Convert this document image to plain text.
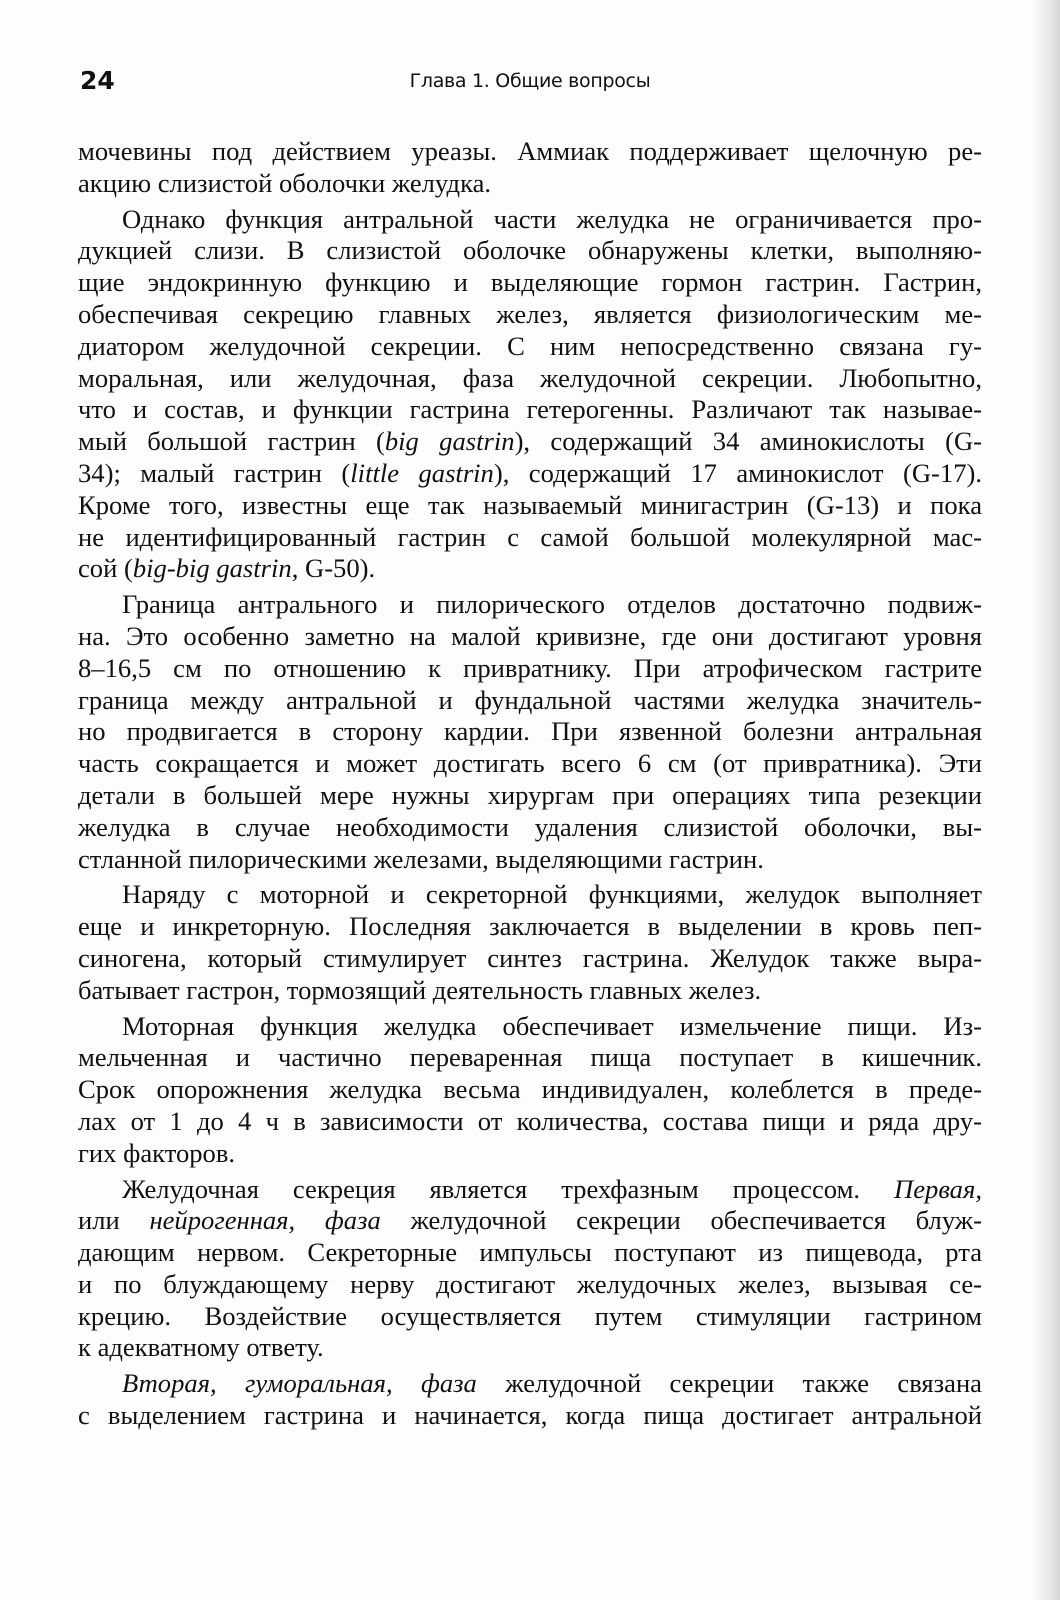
24	Глава 1. Общие вопросы

мочевины под действием уреазы. Аммиак поддерживает щелочную ре-

акцию слизистой оболочки желудка.

Однако функция антральной части желудка не ограничивается про-

дукцией слизи. В слизистой оболочке обнаружены клетки, выполняю-

щие эндокринную функцию и выделяющие гормон гастрин. Гастрин,

обеспечивая секрецию главных желез, является физиологическим ме-

диатором желудочной секреции. С ним непосредственно связана гу-

моральная, или желудочная, фаза желудочной секреции. Любопытно,

что и состав, и функции гастрина гетерогенны. Различают так называе-

мый большой гастрин (big gastrin), содержащий 34 аминокислоты (G-

34); малый гастрин (little gastrin), содержащий 17 аминокислот (G-17).

Кроме того, известны еще так называемый минигастрин (G-13) и пока

не идентифицированный гастрин с самой большой молекулярной мас-

сой (big-big gastrin, G-50).

Граница антрального и пилорического отделов достаточно подвиж-

на. Это особенно заметно на малой кривизне, где они достигают уровня

8–16,5 см по отношению к привратнику. При атрофическом гастрите

граница между антральной и фундальной частями желудка значитель-

но продвигается в сторону кардии. При язвенной болезни антральная

часть сокращается и может достигать всего 6 см (от привратника). Эти

детали в большей мере нужны хирургам при операциях типа резекции

желудка в случае необходимости удаления слизистой оболочки, вы-

стланной пилорическими железами, выделяющими гастрин.

Наряду с моторной и секреторной функциями, желудок выполняет

еще и инкреторную. Последняя заключается в выделении в кровь пеп-

синогена, который стимулирует синтез гастрина. Желудок также выра-

батывает гастрон, тормозящий деятельность главных желез.

Моторная функция желудка обеспечивает измельчение пищи. Из-

мельченная и частично переваренная пища поступает в кишечник.

Срок опорожнения желудка весьма индивидуален, колеблется в преде-

лах от 1 до 4 ч в зависимости от количества, состава пищи и ряда дру-

гих факторов.

Желудочная секреция является трехфазным процессом. Первая,

или нейрогенная, фаза желудочной секреции обеспечивается блуж-

дающим нервом. Секреторные импульсы поступают из пищевода, рта

и по блуждающему нерву достигают желудочных желез, вызывая се-

крецию. Воздействие осуществляется путем стимуляции гастрином

к адекватному ответу.

Вторая, гуморальная, фаза желудочной секреции также связана

с выделением гастрина и начинается, когда пища достигает антральной
